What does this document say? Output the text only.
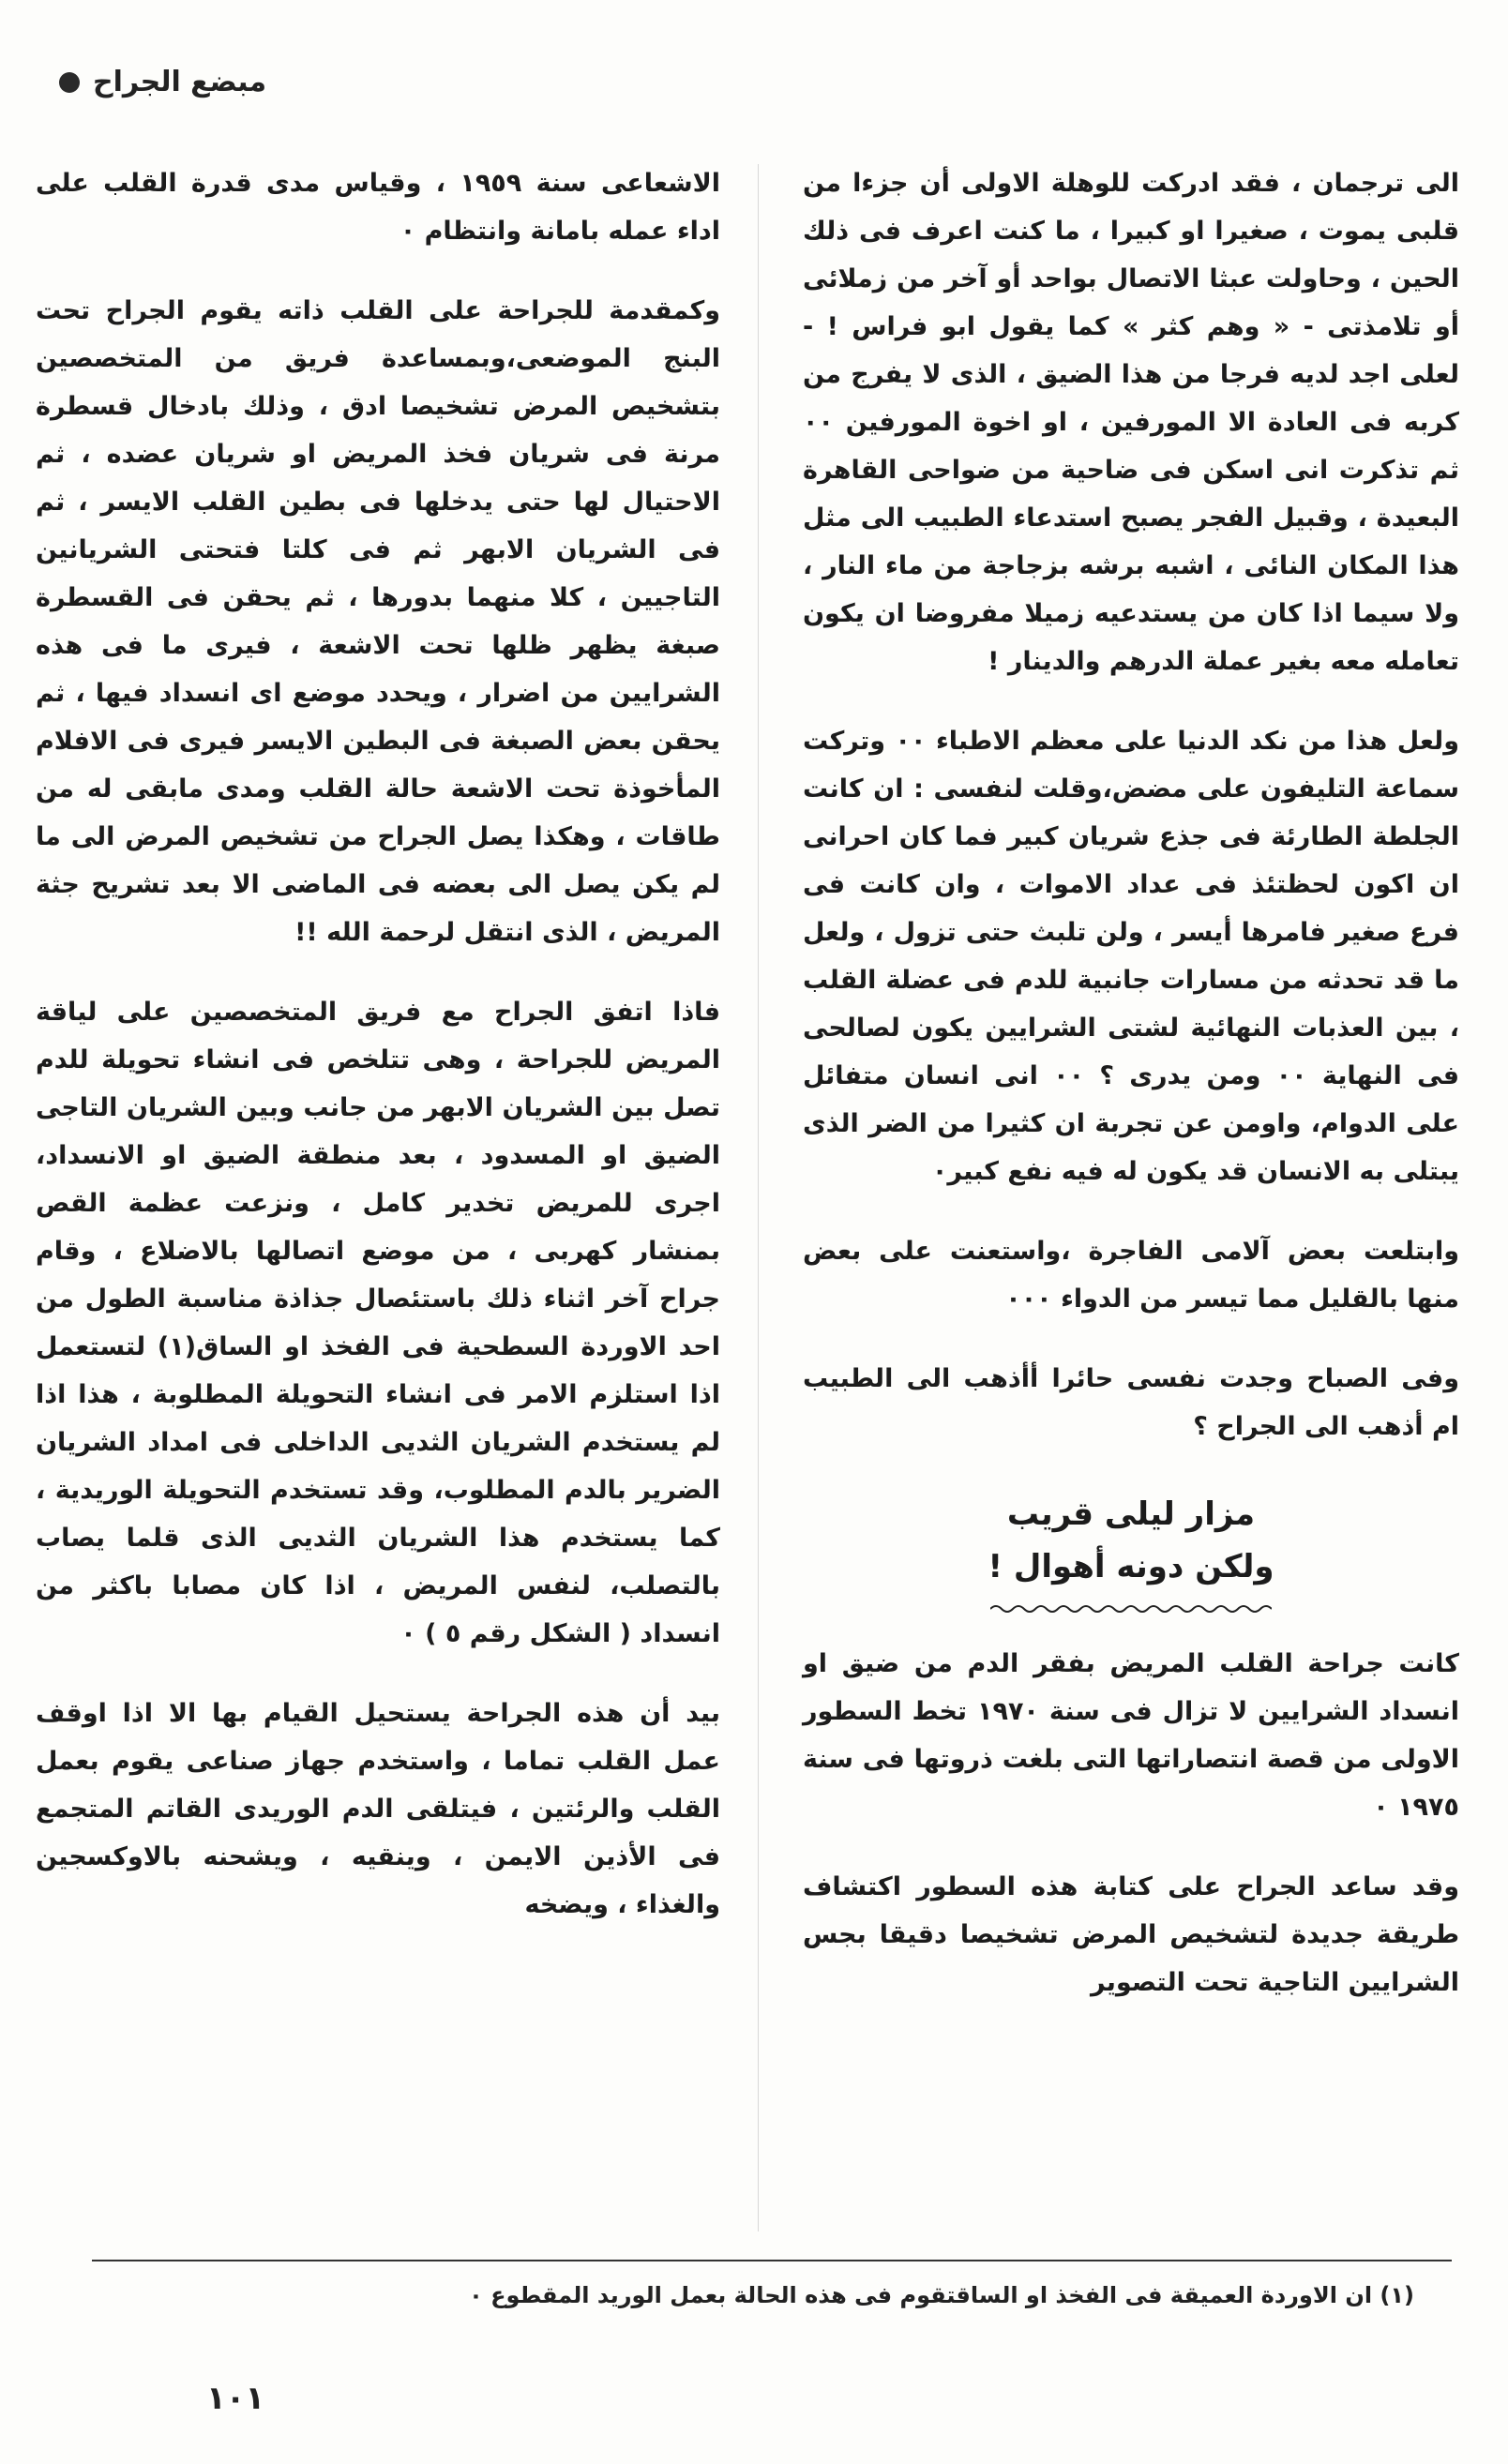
مبضع الجراح

الى ترجمان ، فقد ادركت للوهلة الاولى أن جزءا من قلبى يموت ، صغيرا او كبيرا ، ما كنت اعرف فى ذلك الحين ، وحاولت عبثا الاتصال بواحد أو آخر من زملائى أو تلامذتى - « وهم كثر » كما يقول ابو فراس ! - لعلى اجد لديه فرجا من هذا الضيق ، الذى لا يفرج من كربه فى العادة الا المورفين ، او اخوة المورفين ٠٠ ثم تذكرت انى اسكن فى ضاحية من ضواحى القاهرة البعيدة ، وقبيل الفجر يصبح استدعاء الطبيب الى مثل هذا المكان النائى ، اشبه برشه بزجاجة من ماء النار ، ولا سيما اذا كان من يستدعيه زميلا مفروضا ان يكون تعامله معه بغير عملة الدرهم والدينار !

ولعل هذا من نكد الدنيا على معظم الاطباء ٠٠ وتركت سماعة التليفون على مضض،وقلت لنفسى : ان كانت الجلطة الطارئة فى جذع شريان كبير فما كان احرانى ان اكون لحظتئذ فى عداد الاموات ، وان كانت فى فرع صغير فامرها أيسر ، ولن تلبث حتى تزول ، ولعل ما قد تحدثه من مسارات جانبية للدم فى عضلة القلب ، بين العذبات النهائية لشتى الشرايين يكون لصالحى فى النهاية ٠٠ ومن يدرى ؟ ٠٠ انى انسان متفائل على الدوام، واومن عن تجربة ان كثيرا من الضر الذى يبتلى به الانسان قد يكون له فيه نفع كبير٠

وابتلعت بعض آلامى الفاجرة ،واستعنت على بعض منها بالقليل مما تيسر من الدواء ٠٠٠

وفى الصباح وجدت نفسى حائرا أأذهب الى الطبيب ام أذهب الى الجراح ؟

مزار ليلى قريب
ولكن دونه أهوال !

كانت جراحة القلب المريض بفقر الدم من ضيق او انسداد الشرايين لا تزال فى سنة ١٩٧٠ تخط السطور الاولى من قصة انتصاراتها التى بلغت ذروتها فى سنة ١٩٧٥ ٠

وقد ساعد الجراح على كتابة هذه السطور اكتشاف طريقة جديدة لتشخيص المرض تشخيصا دقيقا بجس الشرايين التاجية تحت التصوير

الاشعاعى سنة ١٩٥٩ ، وقياس مدى قدرة القلب على اداء عمله بامانة وانتظام ٠

وكمقدمة للجراحة على القلب ذاته يقوم الجراح تحت البنج الموضعى،وبمساعدة فريق من المتخصصين بتشخيص المرض تشخيصا ادق ، وذلك بادخال قسطرة مرنة فى شريان فخذ المريض او شريان عضده ، ثم الاحتيال لها حتى يدخلها فى بطين القلب الايسر ، ثم فى الشريان الابهر ثم فى كلتا فتحتى الشريانين التاجيين ، كلا منهما بدورها ، ثم يحقن فى القسطرة صبغة يظهر ظلها تحت الاشعة ، فيرى ما فى هذه الشرايين من اضرار ، ويحدد موضع اى انسداد فيها ، ثم يحقن بعض الصبغة فى البطين الايسر فيرى فى الافلام المأخوذة تحت الاشعة حالة القلب ومدى مابقى له من طاقات ، وهكذا يصل الجراح من تشخيص المرض الى ما لم يكن يصل الى بعضه فى الماضى الا بعد تشريح جثة المريض ، الذى انتقل لرحمة الله !!

فاذا اتفق الجراح مع فريق المتخصصين على لياقة المريض للجراحة ، وهى تتلخص فى انشاء تحويلة للدم تصل بين الشريان الابهر من جانب وبين الشريان التاجى الضيق او المسدود ، بعد منطقة الضيق او الانسداد، اجرى للمريض تخدير كامل ، ونزعت عظمة القص بمنشار كهربى ، من موضع اتصالها بالاضلاع ، وقام جراح آخر اثناء ذلك باستئصال جذاذة مناسبة الطول من احد الاوردة السطحية فى الفخذ او الساق(١) لتستعمل اذا استلزم الامر فى انشاء التحويلة المطلوبة ، هذا اذا لم يستخدم الشريان الثديى الداخلى فى امداد الشريان الضرير بالدم المطلوب، وقد تستخدم التحويلة الوريدية ، كما يستخدم هذا الشريان الثديى الذى قلما يصاب بالتصلب، لنفس المريض ، اذا كان مصابا باكثر من انسداد ( الشكل رقم ٥ ) ٠

بيد أن هذه الجراحة يستحيل القيام بها الا اذا اوقف عمل القلب تماما ، واستخدم جهاز صناعى يقوم بعمل القلب والرئتين ، فيتلقى الدم الوريدى القاتم المتجمع فى الأذين الايمن ، وينقيه ، ويشحنه بالاوكسجين والغذاء ، ويضخه

(١) ان الاوردة العميقة فى الفخذ او الساقتقوم فى هذه الحالة بعمل الوريد المقطوع ٠
١٠١
